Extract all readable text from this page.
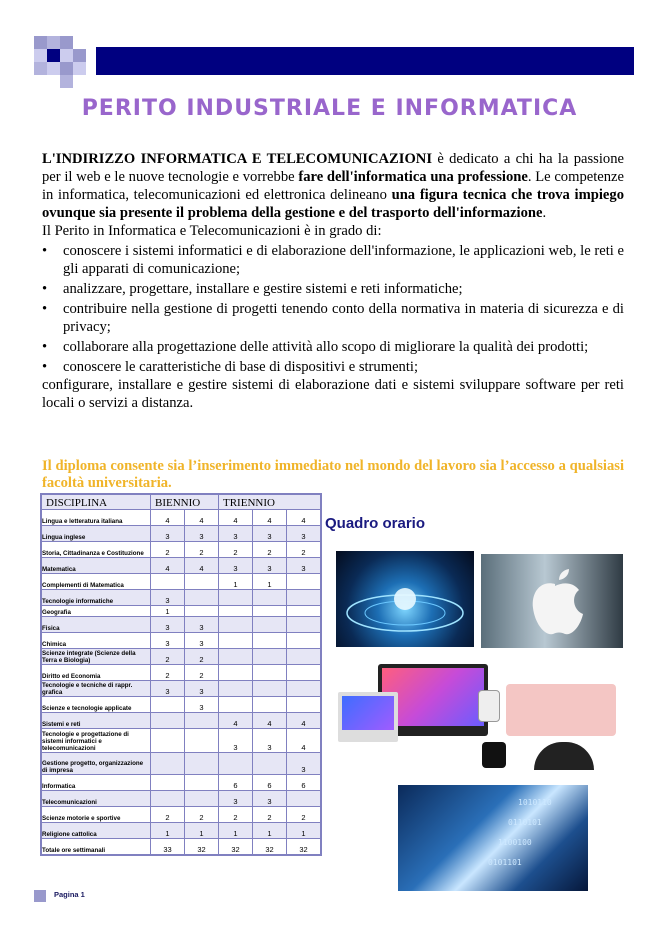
PERITO INDUSTRIALE E INFORMATICA

L'INDIRIZZO INFORMATICA E TELECOMUNICAZIONI è dedicato a chi ha la passione per il web e le nuove tecnologie e vorrebbe fare dell'informatica una professione. Le competenze in informatica, telecomunicazioni ed elettronica delineano una figura tecnica che trova impiego ovunque sia presente il problema della gestione e del trasporto dell'informazione.

Il Perito in Informatica e Telecomunicazioni è in grado di:

• conoscere i sistemi informatici e di elaborazione dell'informazione, le applicazioni web, le reti e gli apparati di comunicazione;
• analizzare, progettare, installare e gestire sistemi e reti informatiche;
• contribuire nella gestione di progetti tenendo conto della normativa in materia di sicurezza e di privacy;
• collaborare alla progettazione delle attività allo scopo di migliorare la qualità dei prodotti;
• conoscere le caratteristiche di base di dispositivi e strumenti;

configurare, installare e gestire sistemi di elaborazione dati e sistemi sviluppare software per reti locali o servizi a distanza.

Il diploma consente sia l’inserimento immediato nel mondo del lavoro sia l’accesso a qualsiasi facoltà universitaria.
DISCIPLINA	BIENNIO		TRIENNIO		
Lingua e letteratura italiana	4	4	4	4	4
Lingua inglese	3	3	3	3	3
Storia, Cittadinanza e Costituzione	2	2	2	2	2
Matematica	4	4	3	3	3
Complementi di Matematica			1	1	
Tecnologie informatiche	3				
Geografia	1				
Fisica	3	3			
Chimica	3	3			
Scienze integrate (Scienze della Terra e Biologia)	2	2			
Diritto ed Economia	2	2			
Tecnologie e tecniche di rappr. grafica	3	3			
Scienze e tecnologie applicate		3			
Sistemi e reti			4	4	4
Tecnologie e progettazione di sistemi informatici e telecomunicazioni			3	3	4
Gestione progetto, organizzazione di impresa					3
Informatica			6	6	6
Telecomunicazioni			3	3	
Scienze motorie e sportive	2	2	2	2	2
Religione cattolica	1	1	1	1	1
Totale ore settimanali	33	32	32	32	32
Quadro orario
1010110
0110101
1100100
0101101
Pagina 1
